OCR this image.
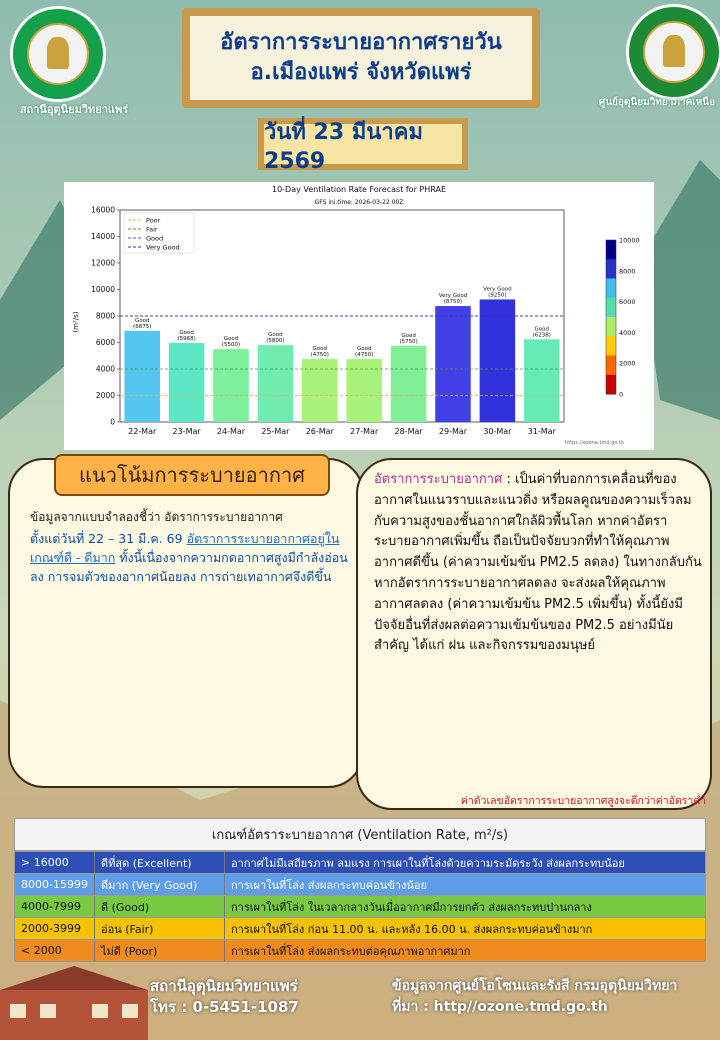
สถานีอุตุนิยมวิทยาแพร่
ศูนย์อุตุนิยมวิทยาภาคเหนือ
อัตราการระบายอากาศรายวัน
อ.เมืองแพร่ จังหวัดแพร่
วันที่ 23 มีนาคม 2569
10-Day Ventilation Rate Forecast for PHRAE
GFS ini.time: 2026-03-22 00Z
(m²/s)
https://ozone.tmd.go.th
0
2000
4000
6000
8000
10000
12000
14000
16000
Good
(6875)
22-Mar
Good
(5968)
23-Mar
Good
(5500)
24-Mar
Good
(5800)
25-Mar
Good
(4750)
26-Mar
Good
(4750)
27-Mar
Good
(5750)
28-Mar
Very Good
(8750)
29-Mar
Very Good
(9250)
30-Mar
Good
(6238)
31-Mar
Poor
Fair
Good
Very Good
0
2000
4000
6000
8000
10000
แนวโน้มการระบายอากาศ
ข้อมูลจากแบบจำลองชี้ว่า อัตราการระบายอากาศ
ตั้งแต่วันที่ 22 – 31 มี.ค. 69 อัตราการระบายอากาศอยู่ในเกณฑ์ดี - ดีมาก ทั้งนี้เนื่องจากความกดอากาศสูงมีกำลังอ่อนลง การจมตัวของอากาศน้อยลง การถ่ายเทอากาศจึงดีขึ้น
อัตราการระบายอากาศ : เป็นค่าที่บอกการเคลื่อนที่ของอากาศในแนวราบและแนวดิ่ง หรือผลคูณของความเร็วลมกับความสูงของชั้นอากาศใกล้ผิวพื้นโลก หากค่าอัตราระบายอากาศเพิ่มขึ้น ถือเป็นปัจจัยบวกที่ทำให้คุณภาพอากาศดีขึ้น (ค่าความเข้มข้น PM2.5 ลดลง) ในทางกลับกัน หากอัตราการระบายอากาศลดลง จะส่งผลให้คุณภาพอากาศลดลง (ค่าความเข้มข้น PM2.5 เพิ่มขึ้น) ทั้งนี้ยังมีปัจจัยอื่นที่ส่งผลต่อความเข้มข้นของ PM2.5 อย่างมีนัยสำคัญ ได้แก่ ฝน และกิจกรรมของมนุษย์
ค่าตัวเลขอัตราการระบายอากาศสูงจะดีกว่าค่าอัตราต่ำ
เกณฑ์อัตราระบายอากาศ (Ventilation Rate, m²/s)
> 16000	ดีที่สุด (Excellent)	อากาศไม่มีเสถียรภาพ ลมแรง การเผาในที่โล่งด้วยความระมัดระวัง ส่งผลกระทบน้อย
8000-15999	ดีมาก (Very Good)	การเผาในที่โล่ง ส่งผลกระทบค่อนข้างน้อย
4000-7999	ดี (Good)	การเผาในที่โล่ง ในเวลากลางวันเมื่ออากาศมีการยกตัว ส่งผลกระทบปานกลาง
2000-3999	อ่อน (Fair)	การเผาในที่โล่ง ก่อน 11.00 น. และหลัง 16.00 น. ส่งผลกระทบค่อนข้างมาก
< 2000	ไม่ดี (Poor)	การเผาในที่โล่ง ส่งผลกระทบต่อคุณภาพอากาศมาก
สถานีอุตุนิยมวิทยาแพร่
โทร : 0-5451-1087
ข้อมูลจากศูนย์โอโซนและรังสี กรมอุตุนิยมวิทยา
ที่มา : http//ozone.tmd.go.th
